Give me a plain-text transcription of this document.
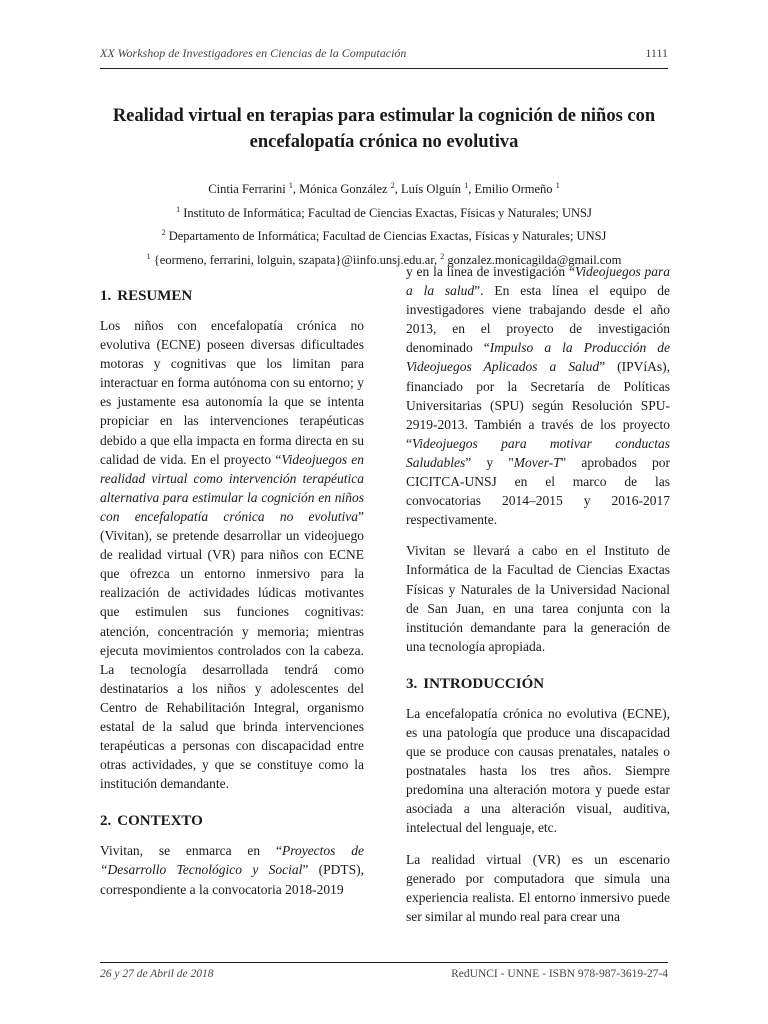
XX Workshop de Investigadores en Ciencias de la Computación	1111
Realidad virtual en terapias para estimular la cognición de niños con encefalopatía crónica no evolutiva
Cintia Ferrarini $^1$, Mónica González $^2$, Luís Olguín $^1$, Emilio Ormeño $^1$
$^1$ Instituto de Informática; Facultad de Ciencias Exactas, Físicas y Naturales; UNSJ
$^2$ Departamento de Informática; Facultad de Ciencias Exactas, Físicas y Naturales; UNSJ
$^1$ {eormeno, ferrarini, lolguin, szapata}@iinfo.unsj.edu.ar, $^2$ gonzalez.monicagilda@gmail.com
1. RESUMEN

Los niños con encefalopatía crónica no evolutiva (ECNE) poseen diversas dificultades motoras y cognitivas que los limitan para interactuar en forma autónoma con su entorno; y es justamente esa autonomía la que se intenta propiciar en las intervenciones terapéuticas debido a que ella impacta en forma directa en su calidad de vida. En el proyecto “Videojuegos en realidad virtual como intervención terapéutica alternativa para estimular la cognición en niños con encefalopatía crónica no evolutiva” (Vivitan), se pretende desarrollar un videojuego de realidad virtual (VR) para niños con ECNE que ofrezca un entorno inmersivo para la realización de actividades lúdicas motivantes que estimulen sus funciones cognitivas: atención, concentración y memoria; mientras ejecuta movimientos controlados con la cabeza. La tecnología desarrollada tendrá como destinatarios a los niños y adolescentes del Centro de Rehabilitación Integral, organismo estatal de la salud que brinda intervenciones terapéuticas a personas con discapacidad entre otras actividades, y que se constituye como la institución demandante.

2. CONTEXTO

Vivitan, se enmarca en “Proyectos de “Desarrollo Tecnológico y Social” (PDTS), correspondiente a la convocatoria 2018-2019

y en la línea de investigación “Videojuegos para a la salud”. En esta línea el equipo de investigadores viene trabajando desde el año 2013, en el proyecto de investigación denominado “Impulso a la Producción de Videojuegos Aplicados a Salud” (IPVíAs), financiado por la Secretaría de Políticas Universitarias (SPU) según Resolución SPU-2919-2013. También a través de los proyecto “Videojuegos para motivar conductas Saludables” y "Mover-T" aprobados por CICITCA-UNSJ en el marco de las convocatorias 2014–2015 y 2016-2017 respectivamente.

Vivitan se llevará a cabo en el Instituto de Informática de la Facultad de Ciencias Exactas Físicas y Naturales de la Universidad Nacional de San Juan, en una tarea conjunta con la institución demandante para la generación de una tecnología apropiada.

3. INTRODUCCIÓN

La encefalopatía crónica no evolutiva (ECNE), es una patología que produce una discapacidad que se produce con causas prenatales, natales o postnatales hasta los tres años. Siempre predomina una alteración motora y puede estar asociada a una alteración visual, auditiva, intelectual del lenguaje, etc.

La realidad virtual (VR) es un escenario generado por computadora que simula una experiencia realista. El entorno inmersivo puede ser similar al mundo real para crear una

26 y 27 de Abril de 2018	RedUNCI - UNNE - ISBN 978-987-3619-27-4
